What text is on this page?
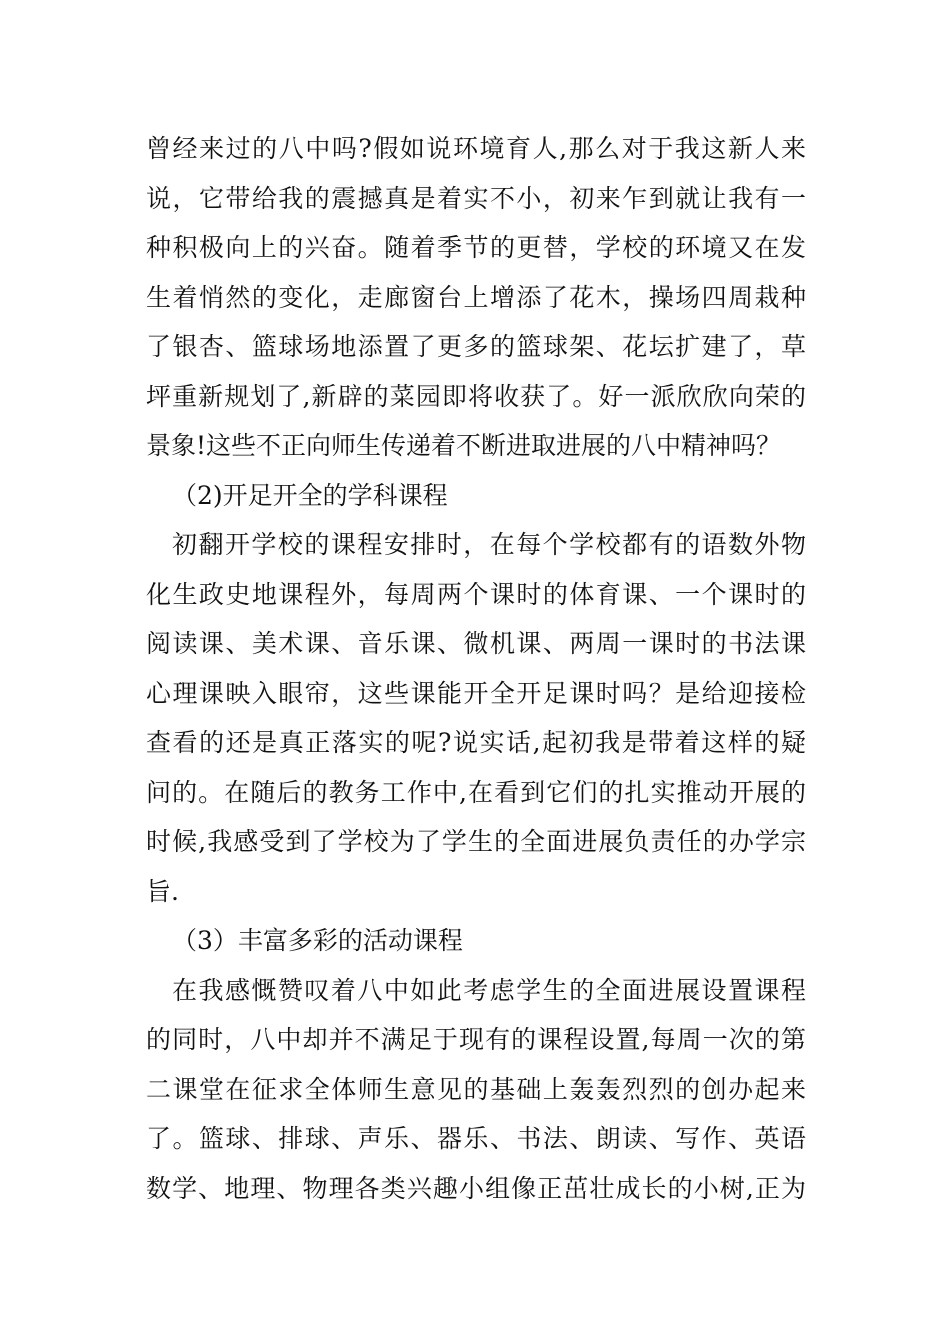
曾经来过的八中吗?假如说环境育人,那么对于我这新人来
说，它带给我的震撼真是着实不小，初来乍到就让我有一
种积极向上的兴奋。随着季节的更替，学校的环境又在发
生着悄然的变化，走廊窗台上增添了花木，操场四周栽种
了银杏、篮球场地添置了更多的篮球架、花坛扩建了，草
坪重新规划了,新辟的菜园即将收获了。好一派欣欣向荣的
景象!这些不正向师生传递着不断进取进展的八中精神吗？
（2)开足开全的学科课程
初翻开学校的课程安排时，在每个学校都有的语数外物
化生政史地课程外，每周两个课时的体育课、一个课时的
阅读课、美术课、音乐课、微机课、两周一课时的书法课
心理课映入眼帘，这些课能开全开足课时吗？是给迎接检
查看的还是真正落实的呢?说实话,起初我是带着这样的疑
问的。在随后的教务工作中,在看到它们的扎实推动开展的
时候,我感受到了学校为了学生的全面进展负责任的办学宗
旨.
（3）丰富多彩的活动课程
在我感慨赞叹着八中如此考虑学生的全面进展设置课程
的同时，八中却并不满足于现有的课程设置,每周一次的第
二课堂在征求全体师生意见的基础上轰轰烈烈的创办起来
了。篮球、排球、声乐、器乐、书法、朗读、写作、英语
数学、地理、物理各类兴趣小组像正茁壮成长的小树,正为
